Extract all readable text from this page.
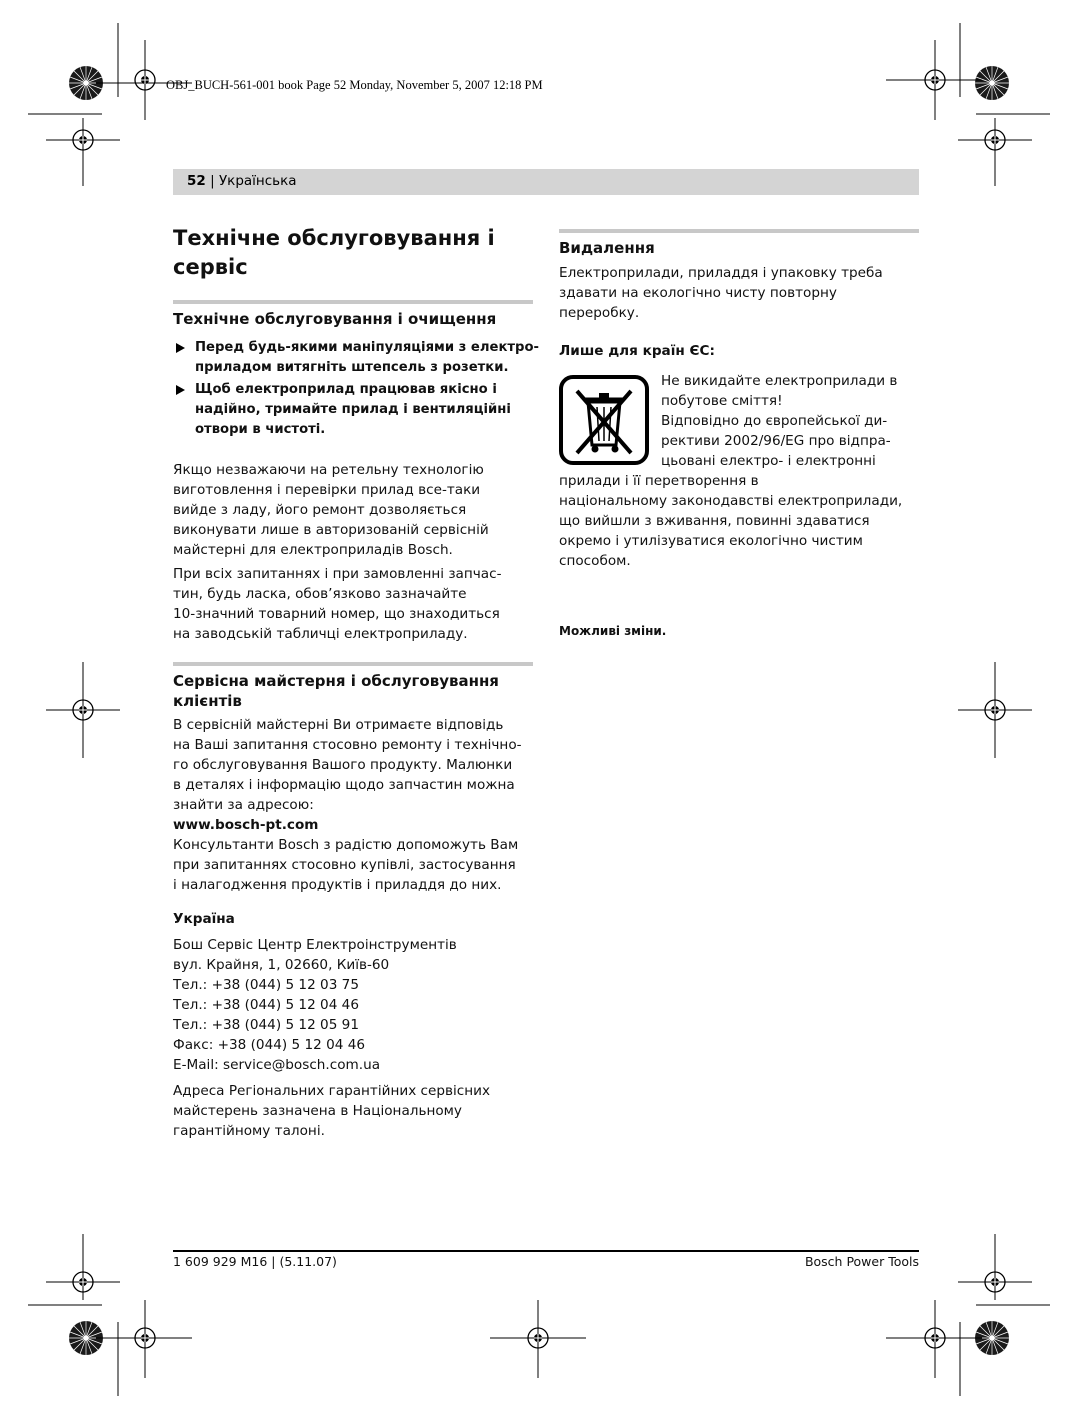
OBJ_BUCH-561-001 book Page 52 Monday, November 5, 2007 12:18 PM
52 | Українська
Технічне обслуговування і
сервіс
Технічне обслуговування і очищення
Перед будь-якими маніпуляціями з електро-
приладом витягніть штепсель з розетки.
Щоб електроприлад працював якісно і
надійно, тримайте прилад і вентиляційні
отвори в чистоті.

Якщо незважаючи на ретельну технологію
виготовлення і перевірки прилад все-таки
вийде з ладу, його ремонт дозволяється
виконувати лише в авторизованій сервісній
майстерні для електроприладів Bosch.

При всіх запитаннях і при замовленні запчас-
тин, будь ласка, обов’язково зазначайте
10-значний товарний номер, що знаходиться
на заводській табличці електроприладу.

Сервісна майстерня і обслуговування
клієнтів

В сервісній майстерні Ви отримаєте відповідь
на Ваші запитання стосовно ремонту і технічно-
го обслуговування Вашого продукту. Малюнки
в деталях і інформацію щодо запчастин можна
знайти за адресою:

www.bosch-pt.com

Консультанти Bosch з радістю допоможуть Вам
при запитаннях стосовно купівлі, застосування
і налагодження продуктів і приладдя до них.

Україна

Бош Сервіс Центр Електроінструментів
вул. Крайня, 1, 02660, Київ-60
Тел.: +38 (044) 5 12 03 75
Тел.: +38 (044) 5 12 04 46
Тел.: +38 (044) 5 12 05 91
Факс: +38 (044) 5 12 04 46
E-Mail: service@bosch.com.ua

Адреса Регіональних гарантійних сервісних
майстерень зазначена в Національному
гарантійному талоні.

Видалення

Електроприлади, приладдя і упаковку треба
здавати на екологічно чисту повторну
переробку.

Лише для країн ЄС:
Не викидайте електроприлади в
побутове сміття!
Відповідно до європейської ди-
рективи 2002/96/EG про відпра-
цьовані електро- і електронні
прилади і її перетворення в
національному законодавстві електроприлади,
що вийшли з вживання, повинні здаватися
окремо і утилізуватися екологічно чистим
способом.
Можливі зміни.
1 609 929 M16 | (5.11.07)	Bosch Power Tools
